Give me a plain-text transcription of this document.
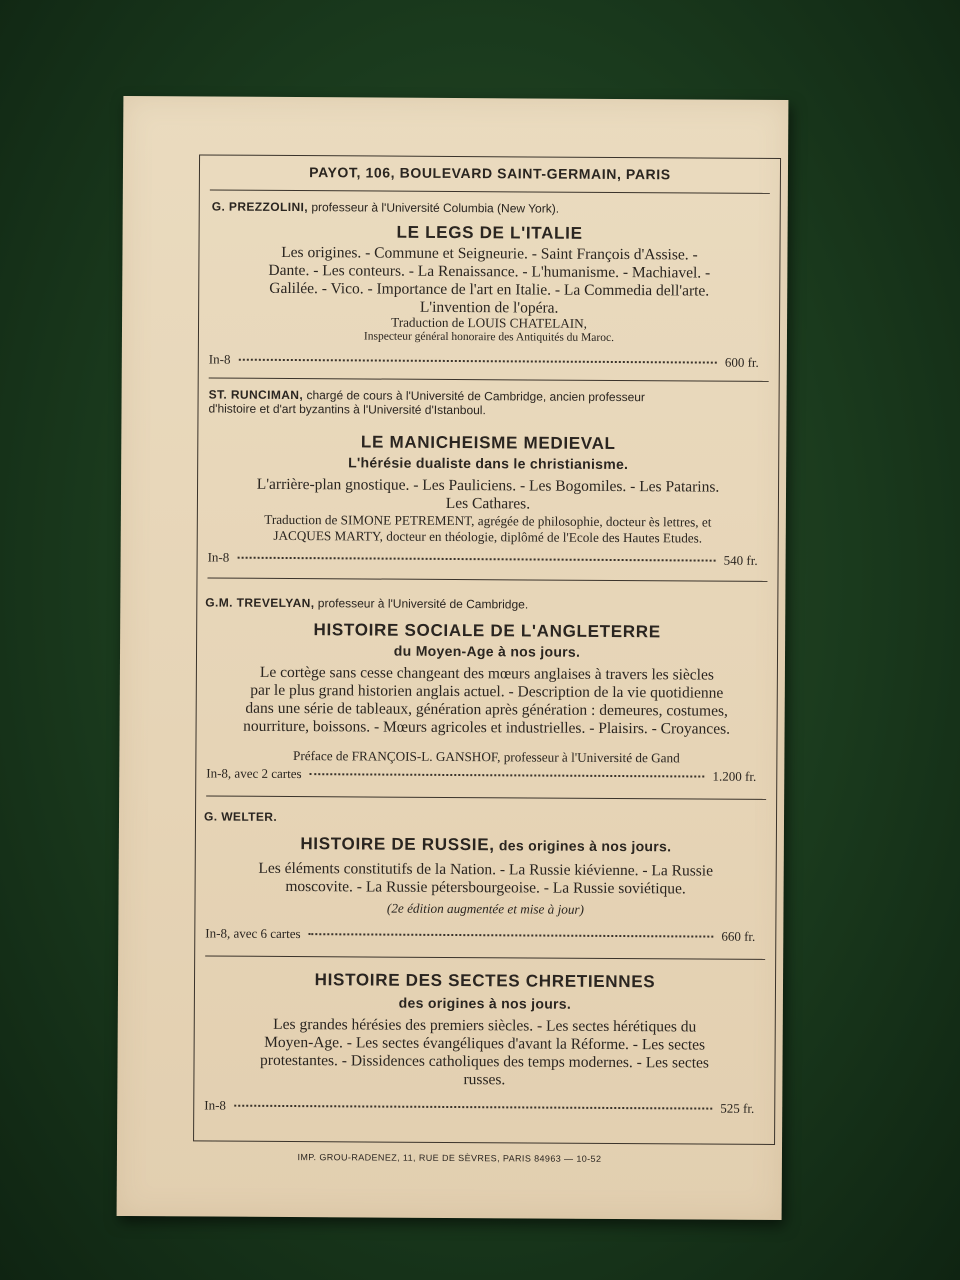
PAYOT, 106, BOULEVARD SAINT-GERMAIN, PARIS
G. PREZZOLINI, professeur à l'Université Columbia (New York).
LE LEGS DE L'ITALIE
Les origines. - Commune et Seigneurie. - Saint François d'Assise. -
Dante. - Les conteurs. - La Renaissance. - L'humanisme. - Machiavel. -
Galilée. - Vico. - Importance de l'art en Italie. - La Commedia dell'arte.
L'invention de l'opéra.
Traduction de LOUIS CHATELAIN,
Inspecteur général honoraire des Antiquités du Maroc.
In-8	600 fr.
ST. RUNCIMAN, chargé de cours à l'Université de Cambridge, ancien professeur
d'histoire et d'art byzantins à l'Université d'Istanboul.
LE MANICHEISME MEDIEVAL
L'hérésie dualiste dans le christianisme.
L'arrière-plan gnostique. - Les Pauliciens. - Les Bogomiles. - Les Patarins.
Les Cathares.
Traduction de SIMONE PETREMENT, agrégée de philosophie, docteur ès lettres, et
JACQUES MARTY, docteur en théologie, diplômé de l'Ecole des Hautes Etudes.
In-8	540 fr.
G.M. TREVELYAN, professeur à l'Université de Cambridge.
HISTOIRE SOCIALE DE L'ANGLETERRE
du Moyen-Age à nos jours.
Le cortège sans cesse changeant des mœurs anglaises à travers les siècles
par le plus grand historien anglais actuel. - Description de la vie quotidienne
dans une série de tableaux, génération après génération : demeures, costumes,
nourriture, boissons. - Mœurs agricoles et industrielles. - Plaisirs. - Croyances.
Préface de FRANÇOIS-L. GANSHOF, professeur à l'Université de Gand
In-8, avec 2 cartes	1.200 fr.
G. WELTER.
HISTOIRE DE RUSSIE, des origines à nos jours.
Les éléments constitutifs de la Nation. - La Russie kiévienne. - La Russie
moscovite. - La Russie pétersbourgeoise. - La Russie soviétique.
(2e édition augmentée et mise à jour)
In-8, avec 6 cartes	660 fr.
HISTOIRE DES SECTES CHRETIENNES
des origines à nos jours.
Les grandes hérésies des premiers siècles. - Les sectes hérétiques du
Moyen-Age. - Les sectes évangéliques d'avant la Réforme. - Les sectes
protestantes. - Dissidences catholiques des temps modernes. - Les sectes
russes.
In-8	525 fr.
IMP. GROU-RADENEZ, 11, RUE DE SÈVRES, PARIS 84963 — 10-52
